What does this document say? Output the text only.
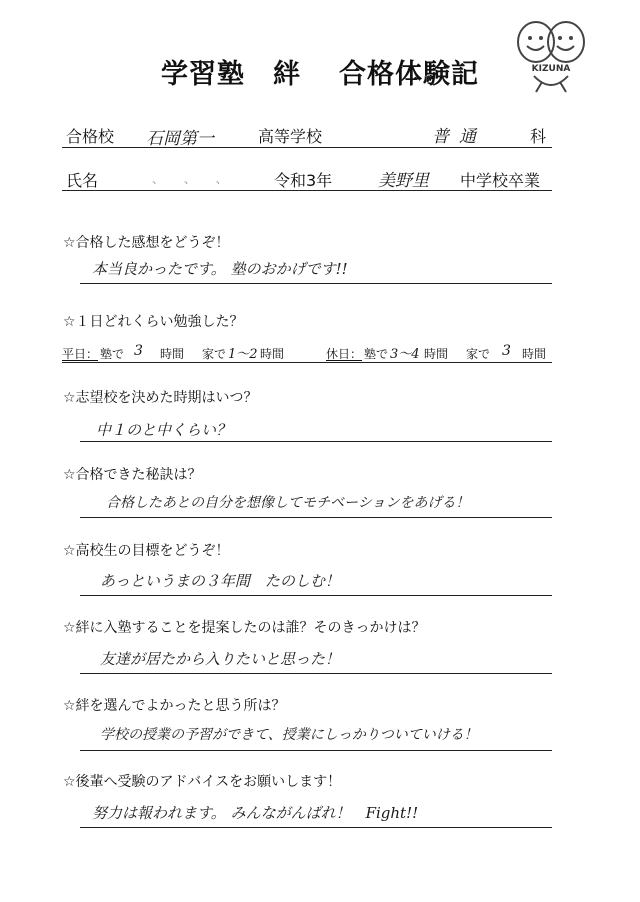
学習塾　絆 合格体験記	KIZUNA
合格校 石岡第一	高等学校	普通	科
氏名	、 、 、 令和3年	美野里 中学校卒業
☆合格した感想をどうぞ！
本当良かったです。 塾のおかげです!!
☆１日どれくらい勉強した？
平日： 塾で 3 時間 家で 1～2 時間	休日： 塾で 3～4 時間 家で 3 時間
☆志望校を決めた時期はいつ？
中１のと中くらい？
☆合格できた秘訣は？
合格したあとの自分を想像してモチベーションをあげる！
☆高校生の目標をどうぞ！
あっというまの３年間　たのしむ！
☆絆に入塾することを提案したのは誰？そのきっかけは？
友達が居たから入りたいと思った！
☆絆を選んでよかったと思う所は？
学校の授業の予習ができて、授業にしっかりついていける！
☆後輩へ受験のアドバイスをお願いします！
努力は報われます。 みんながんばれ！　Fight!!
